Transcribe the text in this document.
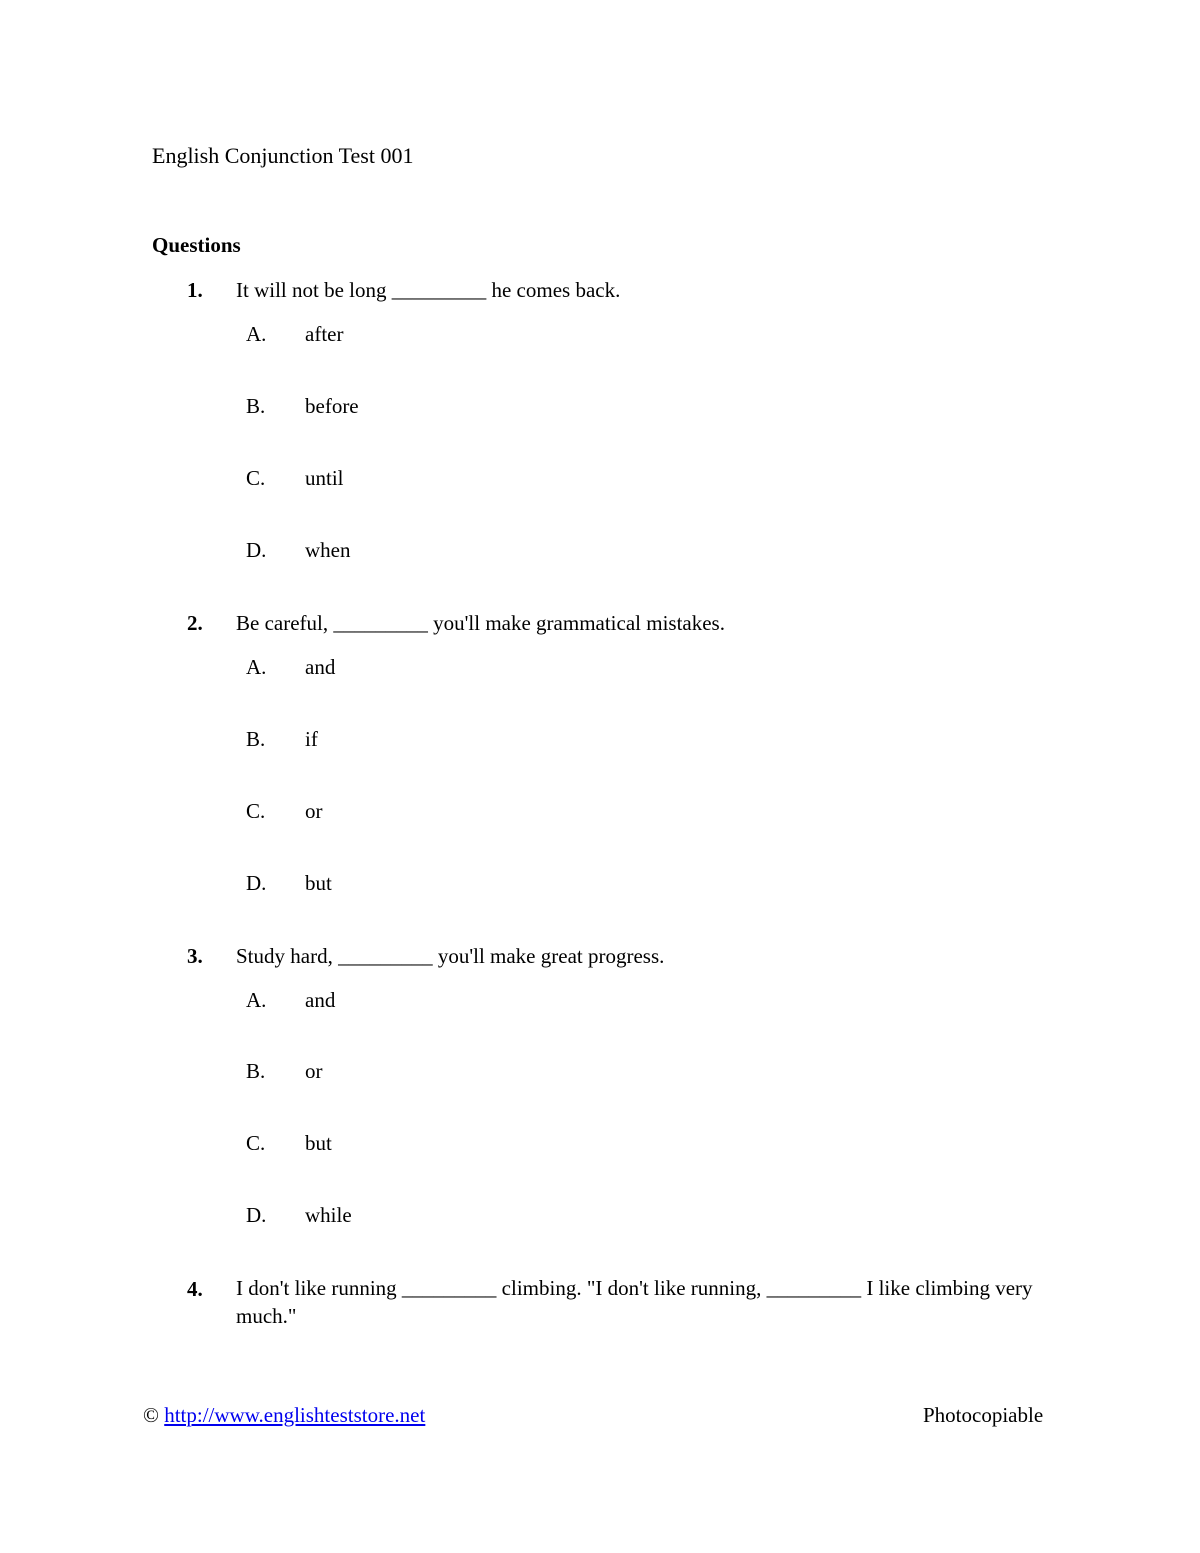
English Conjunction Test 001
Questions
1. It will not be long _________ he comes back.
A. after
B. before
C. until
D. when
2. Be careful, _________ you'll make grammatical mistakes.
A. and
B. if
C. or
D. but
3. Study hard, _________ you'll make great progress.
A. and
B. or
C. but
D. while
4. I don't like running _________ climbing. "I don't like running, _________ I like climbing very much."
© http://www.englishteststore.net	Photocopiable
